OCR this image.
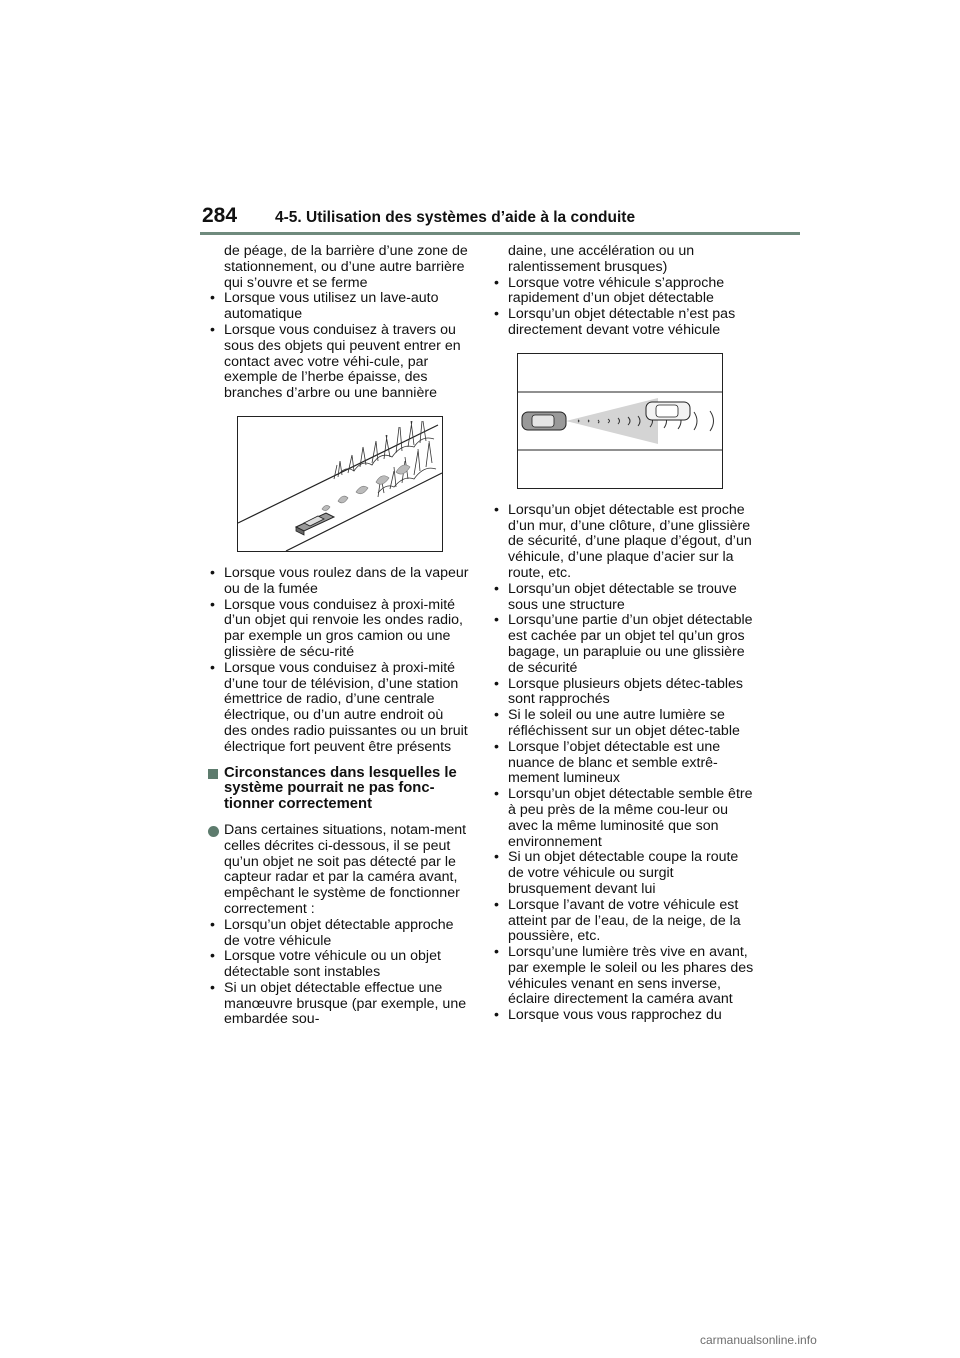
284 4-5. Utilisation des systèmes d’aide à la conduite
de péage, de la barrière d’une zone de stationnement, ou d’une autre barrière qui s’ouvre et se ferme
• Lorsque vous utilisez un lave-auto automatique
• Lorsque vous conduisez à travers ou sous des objets qui peuvent entrer en contact avec votre véhi-cule, par exemple de l’herbe épaisse, des branches d’arbre ou une bannière
• Lorsque vous roulez dans de la vapeur ou de la fumée
• Lorsque vous conduisez à proxi-mité d’un objet qui renvoie les ondes radio, par exemple un gros camion ou une glissière de sécu-rité
• Lorsque vous conduisez à proxi-mité d’une tour de télévision, d’une station émettrice de radio, d’une centrale électrique, ou d’un autre endroit où des ondes radio puissantes ou un bruit électrique fort peuvent être présents
Circonstances dans lesquelles le système pourrait ne pas fonc-tionner correctement
Dans certaines situations, notam-ment celles décrites ci-dessous, il se peut qu’un objet ne soit pas détecté par le capteur radar et par la caméra avant, empêchant le système de fonctionner correctement :
• Lorsqu’un objet détectable approche de votre véhicule
• Lorsque votre véhicule ou un objet détectable sont instables
• Si un objet détectable effectue une manœuvre brusque (par exemple, une embardée sou-
daine, une accélération ou un ralentissement brusques)
• Lorsque votre véhicule s’approche rapidement d’un objet détectable
• Lorsqu’un objet détectable n’est pas directement devant votre véhicule
• Lorsqu’un objet détectable est proche d’un mur, d’une clôture, d’une glissière de sécurité, d’une plaque d’égout, d’un véhicule, d’une plaque d’acier sur la route, etc.
• Lorsqu’un objet détectable se trouve sous une structure
• Lorsqu’une partie d’un objet détectable est cachée par un objet tel qu’un gros bagage, un parapluie ou une glissière de sécurité
• Lorsque plusieurs objets détec-tables sont rapprochés
• Si le soleil ou une autre lumière se réfléchissent sur un objet détec-table
• Lorsque l’objet détectable est une nuance de blanc et semble extrê-mement lumineux
• Lorsqu’un objet détectable semble être à peu près de la même cou-leur ou avec la même luminosité que son environnement
• Si un objet détectable coupe la route de votre véhicule ou surgit brusquement devant lui
• Lorsque l’avant de votre véhicule est atteint par de l’eau, de la neige, de la poussière, etc.
• Lorsqu’une lumière très vive en avant, par exemple le soleil ou les phares des véhicules venant en sens inverse, éclaire directement la caméra avant
• Lorsque vous vous rapprochez du
carmanualsonline.info
